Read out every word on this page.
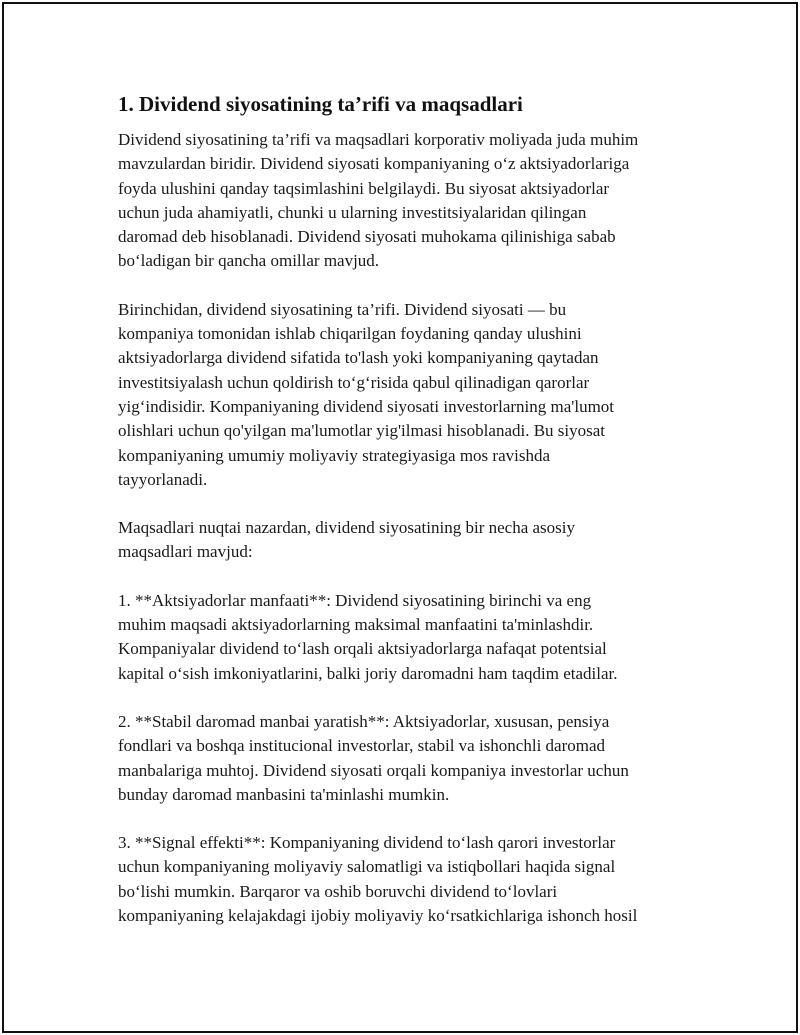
1. Dividend siyosatining ta’rifi va maqsadlari

Dividend siyosatining ta’rifi va maqsadlari korporativ moliyada juda muhim
mavzulardan biridir. Dividend siyosati kompaniyaning o‘z aktsiyadorlariga
foyda ulushini qanday taqsimlashini belgilaydi. Bu siyosat aktsiyadorlar
uchun juda ahamiyatli, chunki u ularning investitsiyalaridan qilingan
daromad deb hisoblanadi. Dividend siyosati muhokama qilinishiga sabab
bo‘ladigan bir qancha omillar mavjud.

Birinchidan, dividend siyosatining ta’rifi. Dividend siyosati — bu
kompaniya tomonidan ishlab chiqarilgan foydaning qanday ulushini
aktsiyadorlarga dividend sifatida to'lash yoki kompaniyaning qaytadan
investitsiyalash uchun qoldirish to‘g‘risida qabul qilinadigan qarorlar
yig‘indisidir. Kompaniyaning dividend siyosati investorlarning ma'lumot
olishlari uchun qo'yilgan ma'lumotlar yig'ilmasi hisoblanadi. Bu siyosat
kompaniyaning umumiy moliyaviy strategiyasiga mos ravishda
tayyorlanadi.

Maqsadlari nuqtai nazardan, dividend siyosatining bir necha asosiy
maqsadlari mavjud:

1. **Aktsiyadorlar manfaati**: Dividend siyosatining birinchi va eng
muhim maqsadi aktsiyadorlarning maksimal manfaatini ta'minlashdir.
Kompaniyalar dividend to‘lash orqali aktsiyadorlarga nafaqat potentsial
kapital o‘sish imkoniyatlarini, balki joriy daromadni ham taqdim etadilar.

2. **Stabil daromad manbai yaratish**: Aktsiyadorlar, xususan, pensiya
fondlari va boshqa institucional investorlar, stabil va ishonchli daromad
manbalariga muhtoj. Dividend siyosati orqali kompaniya investorlar uchun
bunday daromad manbasini ta'minlashi mumkin.

3. **Signal effekti**: Kompaniyaning dividend to‘lash qarori investorlar
uchun kompaniyaning moliyaviy salomatligi va istiqbollari haqida signal
bo‘lishi mumkin. Barqaror va oshib boruvchi dividend to‘lovlari
kompaniyaning kelajakdagi ijobiy moliyaviy ko‘rsatkichlariga ishonch hosil
